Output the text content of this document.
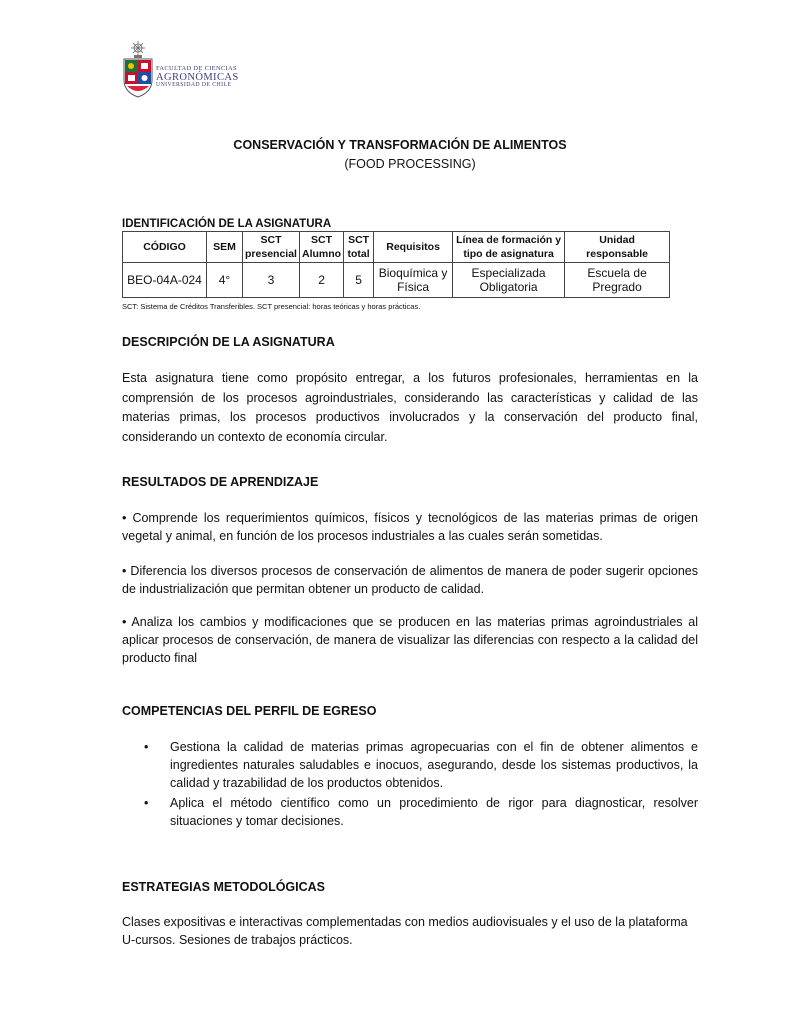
FACULTAD DE CIENCIAS
AGRONÓMICAS
UNIVERSIDAD DE CHILE
CONSERVACIÓN Y TRANSFORMACIÓN DE ALIMENTOS
(FOOD PROCESSING)
IDENTIFICACIÓN DE LA ASIGNATURA
CÓDIGO	SEM	SCT presencial	SCT Alumno	SCT total	Requisitos	Línea de formación y tipo de asignatura	Unidad responsable
BEO-04A-024	4°	3	2	5	Bioquímica y Física	Especializada Obligatoria	Escuela de Pregrado
SCT: Sistema de Créditos Transferibles. SCT presencial: horas teóricas y horas prácticas.
DESCRIPCIÓN DE LA ASIGNATURA
Esta asignatura tiene como propósito entregar, a los futuros profesionales, herramientas en la comprensión de los procesos agroindustriales, considerando las características y calidad de las materias primas, los procesos productivos involucrados y la conservación del producto final, considerando un contexto de economía circular.
RESULTADOS DE APRENDIZAJE
• Comprende los requerimientos químicos, físicos y tecnológicos de las materias primas de origen vegetal y animal, en función de los procesos industriales a las cuales serán sometidas.
• Diferencia los diversos procesos de conservación de alimentos de manera de poder sugerir opciones de industrialización que permitan obtener un producto de calidad.
• Analiza los cambios y modificaciones que se producen en las materias primas agroindustriales al aplicar procesos de conservación, de manera de visualizar las diferencias con respecto a la calidad del producto final
COMPETENCIAS DEL PERFIL DE EGRESO
• Gestiona la calidad de materias primas agropecuarias con el fin de obtener alimentos e ingredientes naturales saludables e inocuos, asegurando, desde los sistemas productivos, la calidad y trazabilidad de los productos obtenidos.
• Aplica el método científico como un procedimiento de rigor para diagnosticar, resolver situaciones y tomar decisiones.
ESTRATEGIAS METODOLÓGICAS
Clases expositivas e interactivas complementadas con medios audiovisuales y el uso de la plataforma U-cursos. Sesiones de trabajos prácticos.
